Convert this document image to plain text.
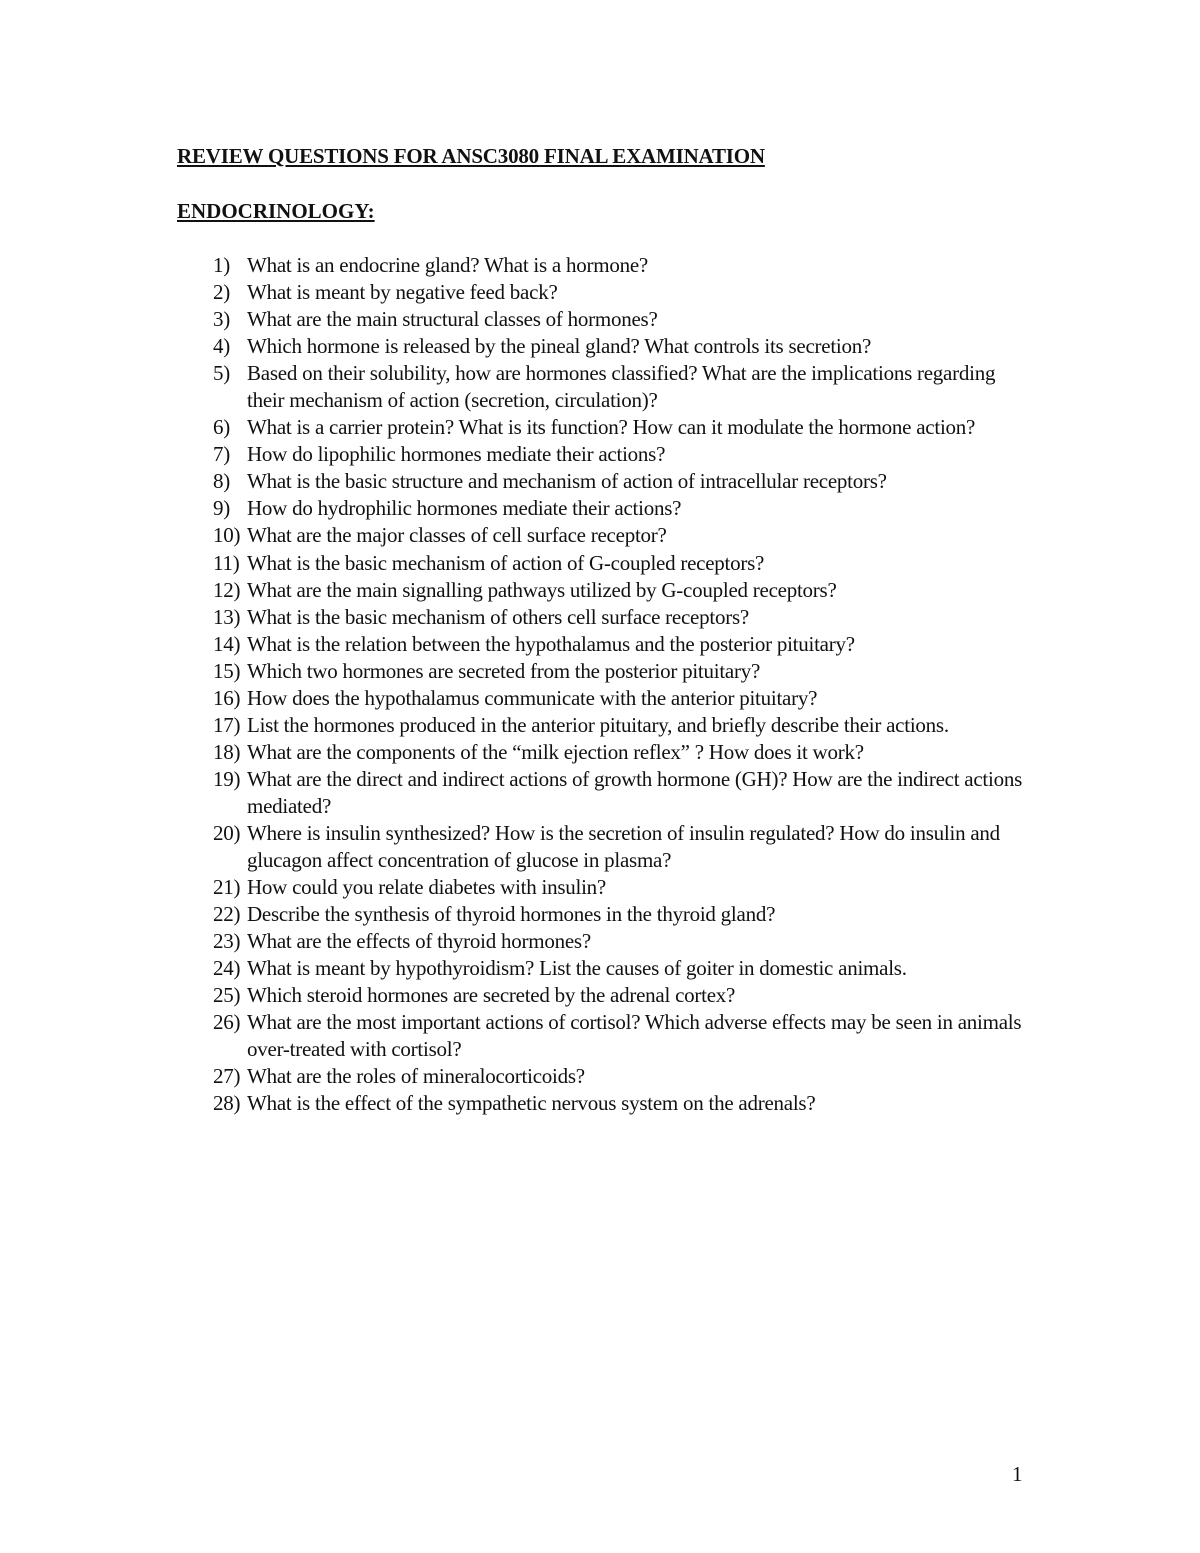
REVIEW QUESTIONS FOR ANSC3080 FINAL EXAMINATION
ENDOCRINOLOGY:
1) What is an endocrine gland? What is a hormone?
2) What is meant by negative feed back?
3) What are the main structural classes of hormones?
4) Which hormone is released by the pineal gland? What controls its secretion?
5) Based on their solubility, how are hormones classified? What are the implications regarding their mechanism of action (secretion, circulation)?
6) What is a carrier protein? What is its function? How can it modulate the hormone action?
7) How do lipophilic hormones mediate their actions?
8) What is the basic structure and mechanism of action of intracellular receptors?
9) How do hydrophilic hormones mediate their actions?
10) What are the major classes of cell surface receptor?
11) What is the basic mechanism of action of G-coupled receptors?
12) What are the main signalling pathways utilized by G-coupled receptors?
13) What is the basic mechanism of others cell surface receptors?
14) What is the relation between the hypothalamus and the posterior pituitary?
15) Which two hormones are secreted from the posterior pituitary?
16) How does the hypothalamus communicate with the anterior pituitary?
17) List the hormones produced in the anterior pituitary, and briefly describe their actions.
18) What are the components of the “milk ejection reflex” ? How does it work?
19) What are the direct and indirect actions of growth hormone (GH)? How are the indirect actions mediated?
20) Where is insulin synthesized? How is the secretion of insulin regulated? How do insulin and glucagon affect concentration of glucose in plasma?
21) How could you relate diabetes with insulin?
22) Describe the synthesis of thyroid hormones in the thyroid gland?
23) What are the effects of thyroid hormones?
24) What is meant by hypothyroidism? List the causes of goiter in domestic animals.
25) Which steroid hormones are secreted by the adrenal cortex?
26) What are the most important actions of cortisol? Which adverse effects may be seen in animals over-treated with cortisol?
27) What are the roles of mineralocorticoids?
28) What is the effect of the sympathetic nervous system on the adrenals?
1
